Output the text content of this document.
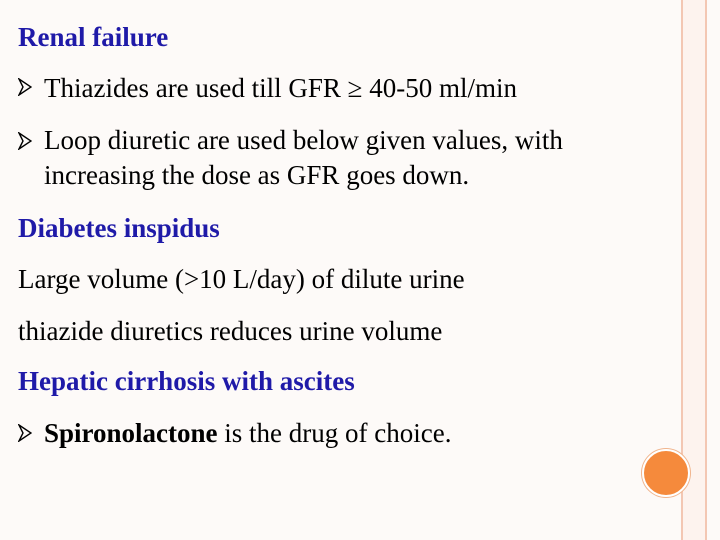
Renal failure
Thiazides are used till GFR ≥ 40-50 ml/min
Loop diuretic are used below given values, with increasing the dose as GFR goes down.
Diabetes inspidus
Large volume (>10 L/day) of dilute urine
thiazide diuretics reduces urine volume
Hepatic cirrhosis with ascites
Spironolactone is the drug of choice.
